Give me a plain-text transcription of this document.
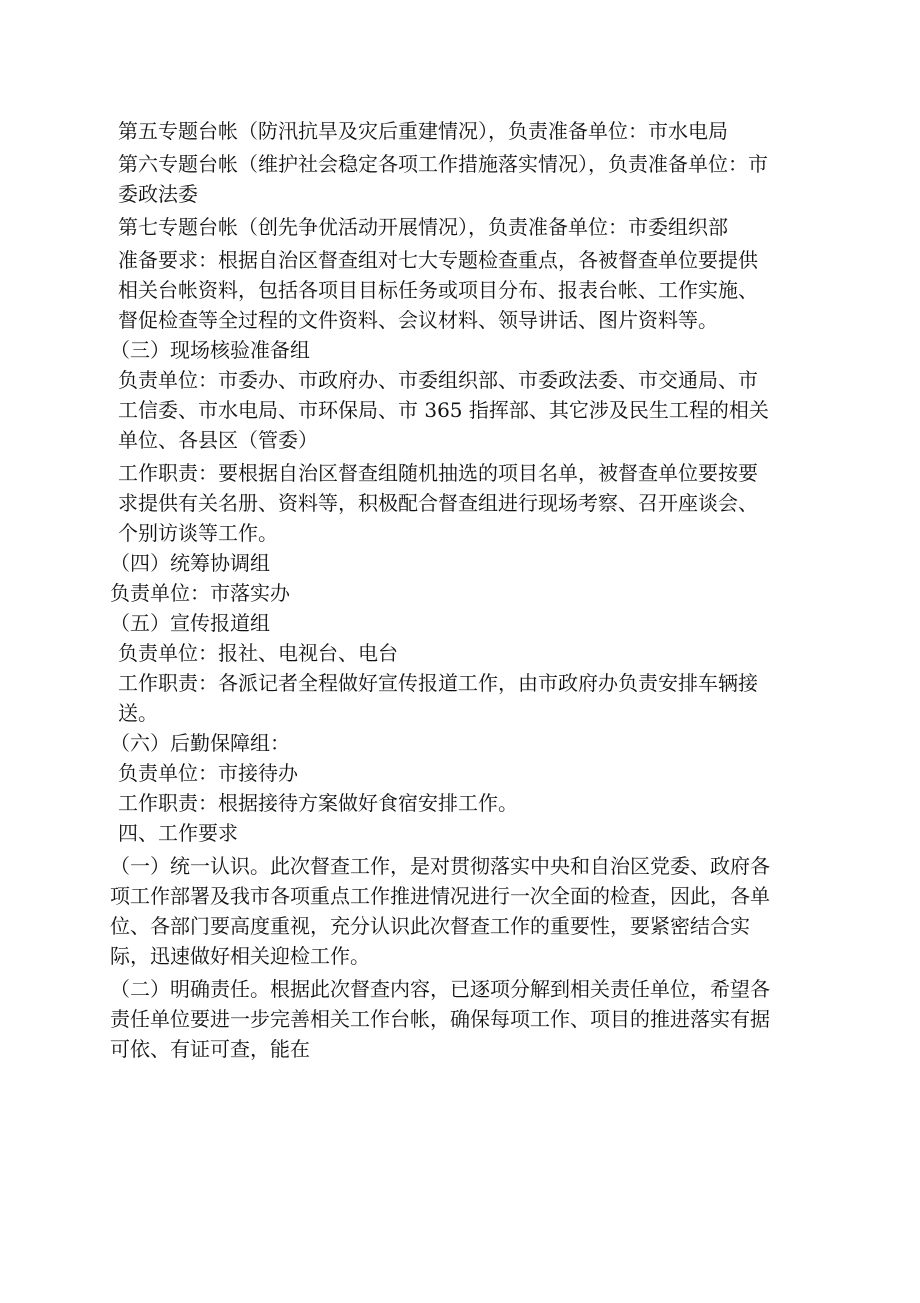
第五专题台帐（防汛抗旱及灾后重建情况），负责准备单位：市水电局

第六专题台帐（维护社会稳定各项工作措施落实情况），负责准备单位：市委政法委

第七专题台帐（创先争优活动开展情况），负责准备单位：市委组织部

准备要求：根据自治区督查组对七大专题检查重点，各被督查单位要提供相关台帐资料，包括各项目目标任务或项目分布、报表台帐、工作实施、督促检查等全过程的文件资料、会议材料、领导讲话、图片资料等。

（三）现场核验准备组

负责单位：市委办、市政府办、市委组织部、市委政法委、市交通局、市工信委、市水电局、市环保局、市 365 指挥部、其它涉及民生工程的相关单位、各县区（管委）

工作职责：要根据自治区督查组随机抽选的项目名单，被督查单位要按要求提供有关名册、资料等，积极配合督查组进行现场考察、召开座谈会、个别访谈等工作。

（四）统筹协调组

负责单位：市落实办

（五）宣传报道组

负责单位：报社、电视台、电台

工作职责：各派记者全程做好宣传报道工作，由市政府办负责安排车辆接送。

（六）后勤保障组：

负责单位：市接待办

工作职责：根据接待方案做好食宿安排工作。

四、工作要求

（一）统一认识。此次督查工作，是对贯彻落实中央和自治区党委、政府各项工作部署及我市各项重点工作推进情况进行一次全面的检查，因此，各单位、各部门要高度重视，充分认识此次督查工作的重要性，要紧密结合实际，迅速做好相关迎检工作。

（二）明确责任。根据此次督查内容，已逐项分解到相关责任单位，希望各责任单位要进一步完善相关工作台帐，确保每项工作、项目的推进落实有据可依、有证可查，能在
